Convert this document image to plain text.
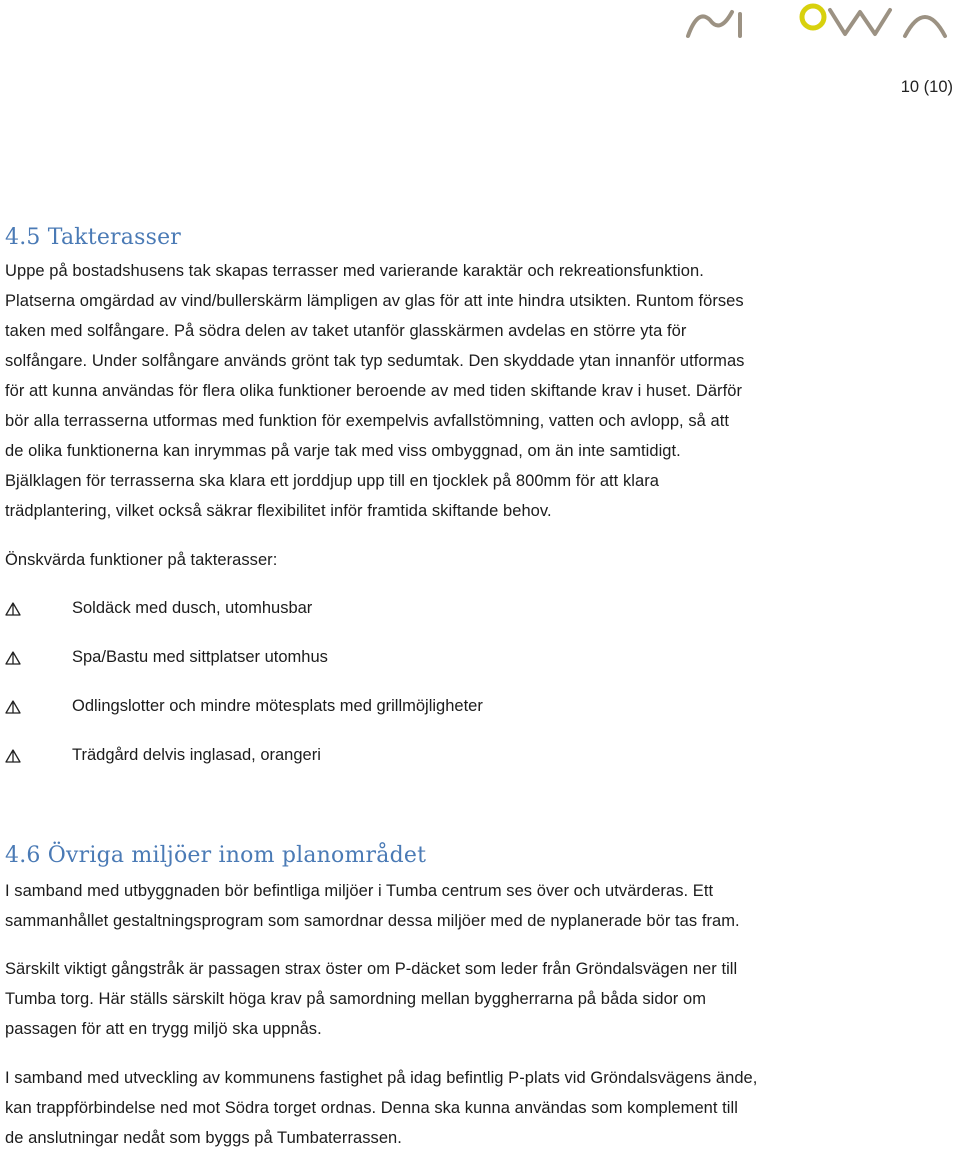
10 (10)
4.5 Takterasser
Uppe på bostadshusens tak skapas terrasser med varierande karaktär och rekreationsfunktion.
Platserna omgärdad av vind/bullerskärm lämpligen av glas för att inte hindra utsikten. Runtom förses
taken med solfångare. På södra delen av taket utanför glasskärmen avdelas en större yta för
solfångare. Under solfångare används grönt tak typ sedumtak. Den skyddade ytan innanför utformas
för att kunna användas för flera olika funktioner beroende av med tiden skiftande krav i huset. Därför
bör alla terrasserna utformas med funktion för exempelvis avfallstömning, vatten och avlopp, så att
de olika funktionerna kan inrymmas på varje tak med viss ombyggnad, om än inte samtidigt.
Bjälklagen för terrasserna ska klara ett jorddjup upp till en tjocklek på 800mm för att klara
trädplantering, vilket också säkrar flexibilitet inför framtida skiftande behov.
Önskvärda funktioner på takterasser:
Soldäck med dusch, utomhusbar
Spa/Bastu med sittplatser utomhus
Odlingslotter och mindre mötesplats med grillmöjligheter
Trädgård delvis inglasad, orangeri
4.6 Övriga miljöer inom planområdet
I samband med utbyggnaden bör befintliga miljöer i Tumba centrum ses över och utvärderas. Ett
sammanhållet gestaltningsprogram som samordnar dessa miljöer med de nyplanerade bör tas fram.
Särskilt viktigt gångstråk är passagen strax öster om P-däcket som leder från Gröndalsvägen ner till
Tumba torg. Här ställs särskilt höga krav på samordning mellan byggherrarna på båda sidor om
passagen för att en trygg miljö ska uppnås.
I samband med utveckling av kommunens fastighet på idag befintlig P-plats vid Gröndalsvägens ände,
kan trappförbindelse ned mot Södra torget ordnas. Denna ska kunna användas som komplement till
de anslutningar nedåt som byggs på Tumbaterrassen.
